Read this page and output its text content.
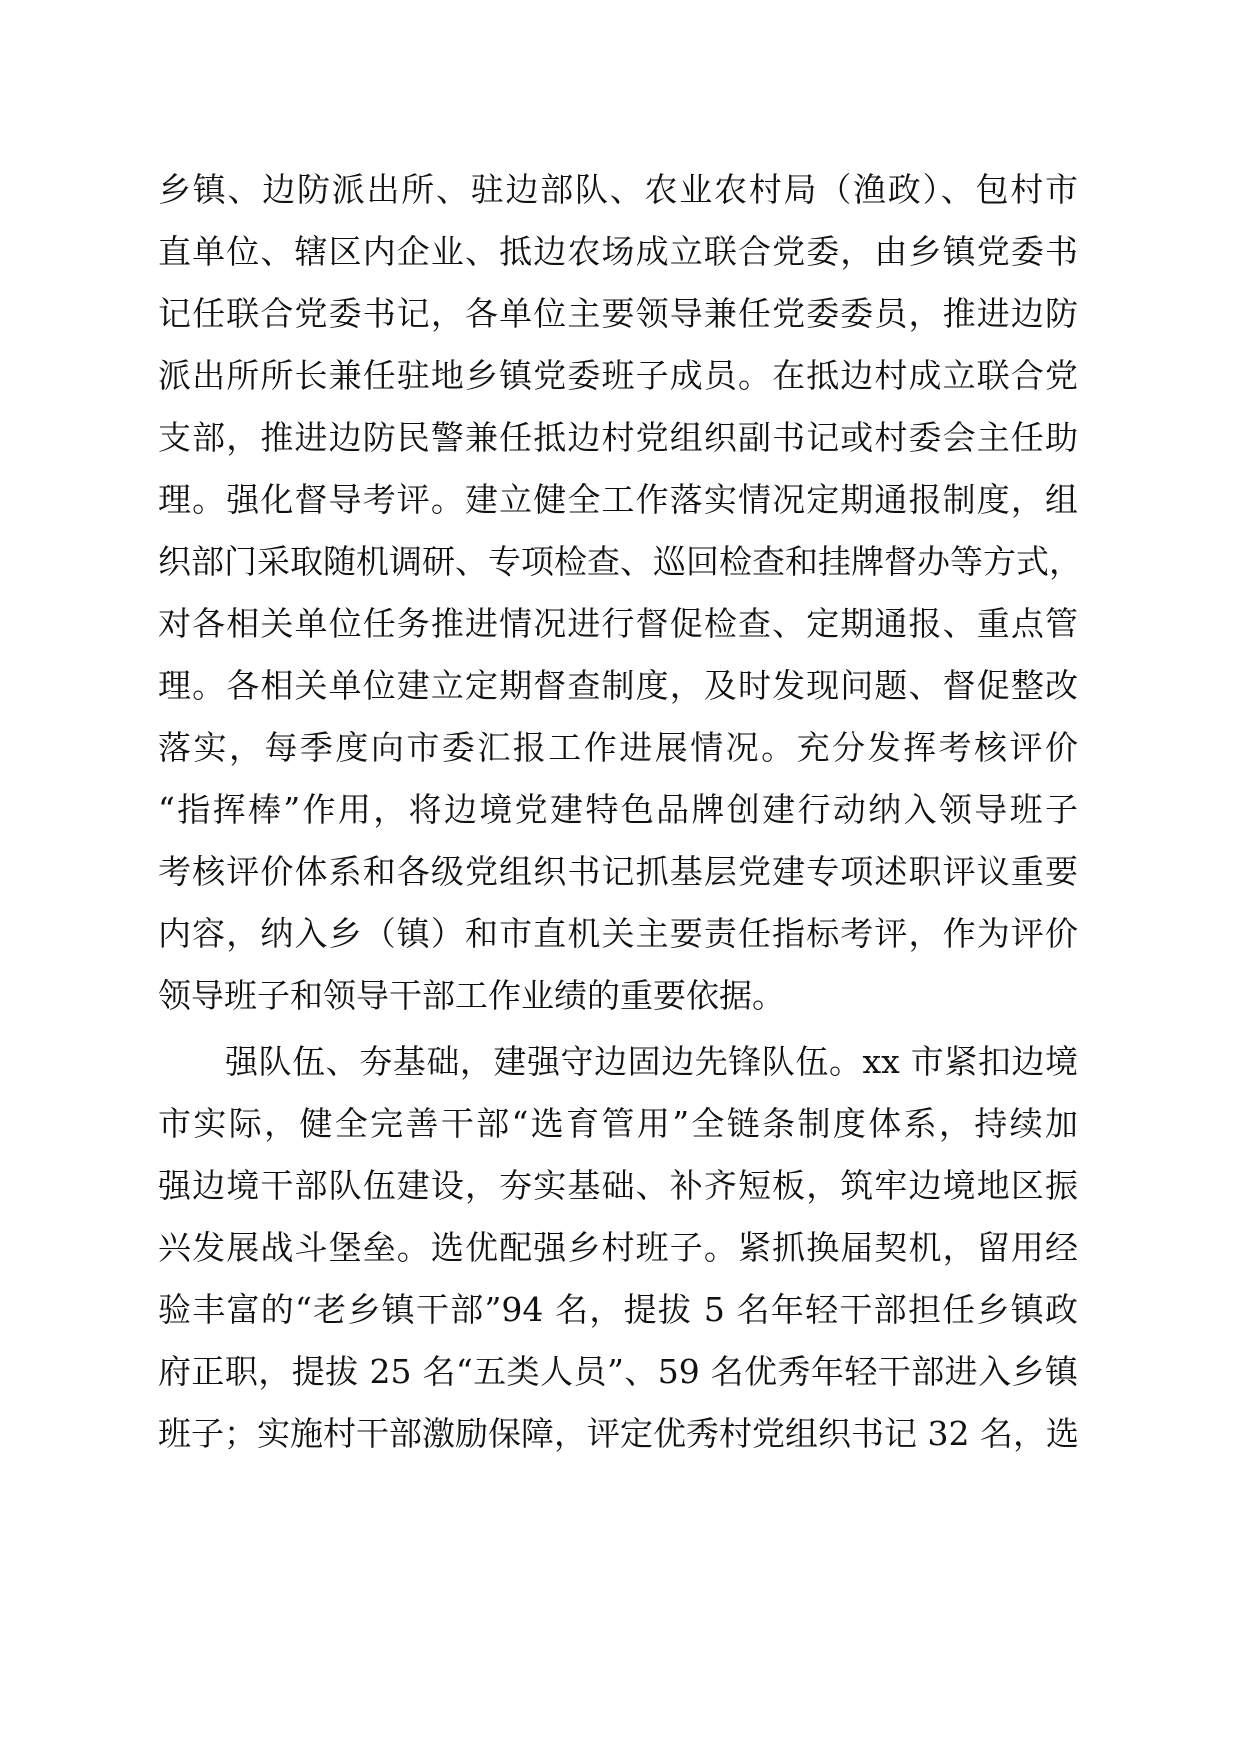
乡镇、边防派出所、驻边部队、农业农村局（渔政）、包村市
直单位、辖区内企业、抵边农场成立联合党委，由乡镇党委书
记任联合党委书记，各单位主要领导兼任党委委员，推进边防
派出所所长兼任驻地乡镇党委班子成员。在抵边村成立联合党
支部，推进边防民警兼任抵边村党组织副书记或村委会主任助
理。强化督导考评。建立健全工作落实情况定期通报制度，组
织部门采取随机调研、专项检查、巡回检查和挂牌督办等方式，
对各相关单位任务推进情况进行督促检查、定期通报、重点管
理。各相关单位建立定期督查制度，及时发现问题、督促整改
落实，每季度向市委汇报工作进展情况。充分发挥考核评价
“指挥棒”作用，将边境党建特色品牌创建行动纳入领导班子
考核评价体系和各级党组织书记抓基层党建专项述职评议重要
内容，纳入乡（镇）和市直机关主要责任指标考评，作为评价
领导班子和领导干部工作业绩的重要依据。
强队伍、夯基础，建强守边固边先锋队伍。xx 市紧扣边境
市实际，健全完善干部“选育管用”全链条制度体系，持续加
强边境干部队伍建设，夯实基础、补齐短板，筑牢边境地区振
兴发展战斗堡垒。选优配强乡村班子。紧抓换届契机，留用经
验丰富的“老乡镇干部”94 名，提拔 5 名年轻干部担任乡镇政
府正职，提拔 25 名“五类人员”、59 名优秀年轻干部进入乡镇
班子；实施村干部激励保障，评定优秀村党组织书记 32 名，选
